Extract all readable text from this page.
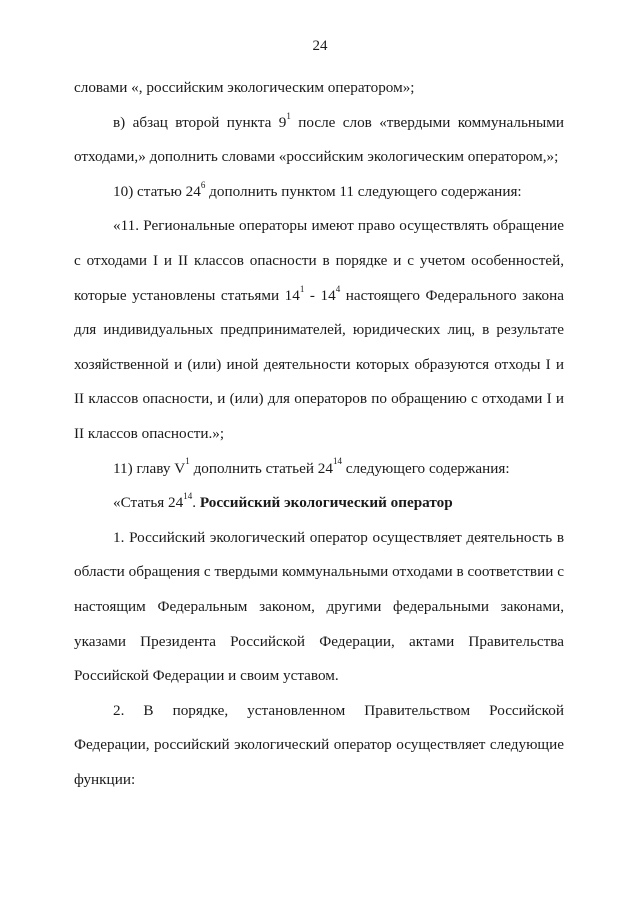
24

словами «, российским экологическим оператором»;

в) абзац второй пункта $9^1$ после слов «твердыми коммунальными отходами,» дополнить словами «российским экологическим оператором,»;

10) статью $24^6$ дополнить пунктом 11 следующего содержания:

«11. Региональные операторы имеют право осуществлять обращение с отходами I и II классов опасности в порядке и с учетом особенностей, которые установлены статьями $14^1 - 14^4$ настоящего Федерального закона для индивидуальных предпринимателей, юридических лиц, в результате хозяйственной и (или) иной деятельности которых образуются отходы I и II классов опасности, и (или) для операторов по обращению с отходами I и II классов опасности.»;

11) главу $V^1$ дополнить статьей $24^{14}$ следующего содержания:

«Статья $24^{14}$. Российский экологический оператор

1. Российский экологический оператор осуществляет деятельность в области обращения с твердыми коммунальными отходами в соответствии с настоящим Федеральным законом, другими федеральными законами, указами Президента Российской Федерации, актами Правительства Российской Федерации и своим уставом.

2. В порядке, установленном Правительством Российской Федерации, российский экологический оператор осуществляет следующие функции:
